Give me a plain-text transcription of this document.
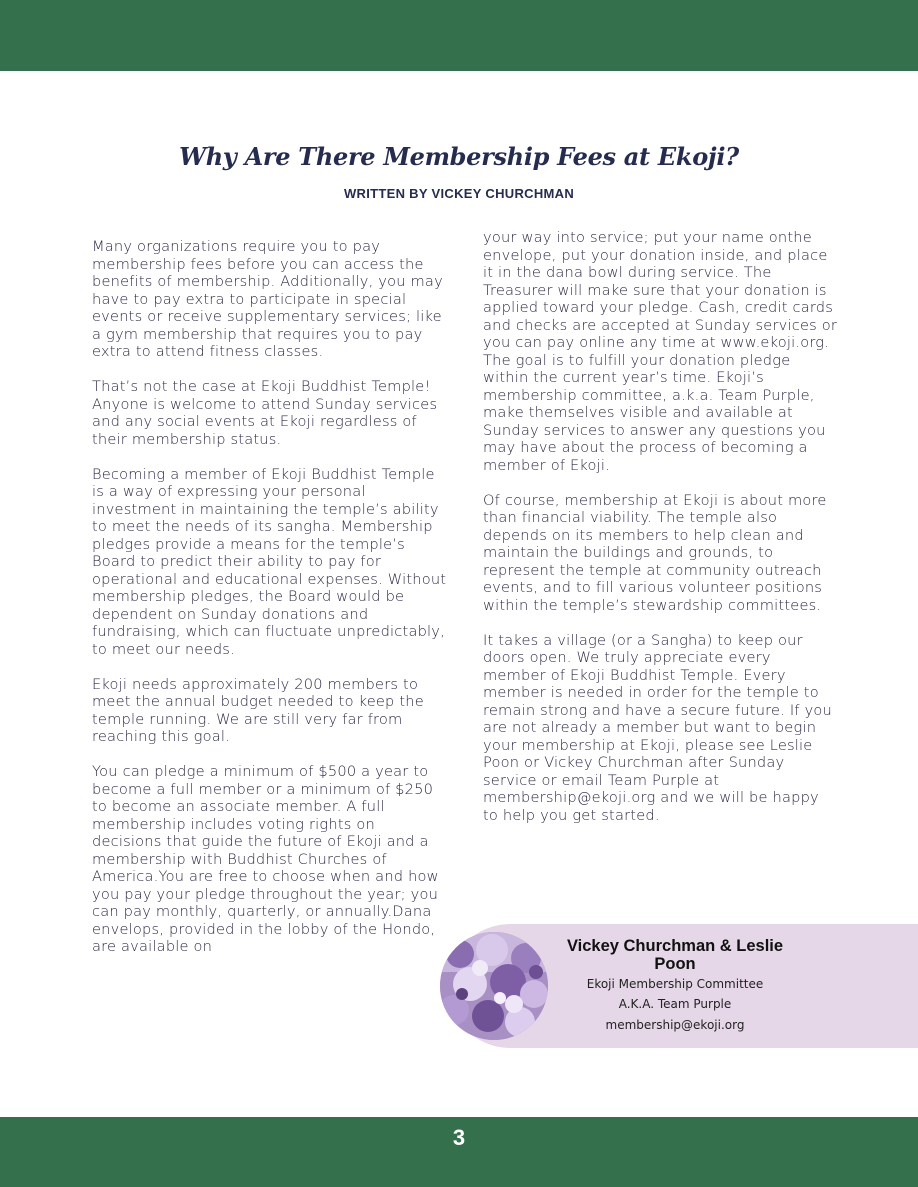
Why Are There Membership Fees at Ekoji?
WRITTEN BY VICKEY CHURCHMAN

Many organizations require you to pay membership fees before you can access the benefits of membership. Additionally, you may have to pay extra to participate in special events or receive supplementary services; like a gym membership that requires you to pay extra to attend fitness classes.

That’s not the case at Ekoji Buddhist Temple! Anyone is welcome to attend Sunday services and any social events at Ekoji regardless of their membership status.

Becoming a member of Ekoji Buddhist Temple is a way of expressing your personal investment in maintaining the temple’s ability to meet the needs of its sangha. Membership pledges provide a means for the temple’s Board to predict their ability to pay for operational and educational expenses. Without membership pledges, the Board would be dependent on Sunday donations and fundraising, which can fluctuate unpredictably, to meet our needs.

Ekoji needs approximately 200 members to meet the annual budget needed to keep the temple running. We are still very far from reaching this goal.

You can pledge a minimum of $500 a year to become a full member or a minimum of $250 to become an associate member. A full membership includes voting rights on decisions that guide the future of Ekoji and a membership with Buddhist Churches of America.You are free to choose when and how you pay your pledge throughout the year; you can pay monthly, quarterly, or annually.Dana envelops, provided in the lobby of the Hondo, are available on

your way into service; put your name onthe envelope, put your donation inside, and place it in the dana bowl during service. The Treasurer will make sure that your donation is applied toward your pledge. Cash, credit cards and checks are accepted at Sunday services or you can pay online any time at www.ekoji.org. The goal is to fulfill your donation pledge within the current year’s time. Ekoji’s membership committee, a.k.a. Team Purple, make themselves visible and available at Sunday services to answer any questions you may have about the process of becoming a member of Ekoji.

Of course, membership at Ekoji is about more than financial viability. The temple also depends on its members to help clean and maintain the buildings and grounds, to represent the temple at community outreach events, and to fill various volunteer positions within the temple’s stewardship committees.

It takes a village (or a Sangha) to keep our doors open. We truly appreciate every member of Ekoji Buddhist Temple. Every member is needed in order for the temple to remain strong and have a secure future. If you are not already a member but want to begin your membership at Ekoji, please see Leslie Poon or Vickey Churchman after Sunday service or email Team Purple at membership@ekoji.org and we will be happy to help you get started.

Vickey Churchman & Leslie Poon
Ekoji Membership Committee
A.K.A. Team Purple
membership@ekoji.org
3
